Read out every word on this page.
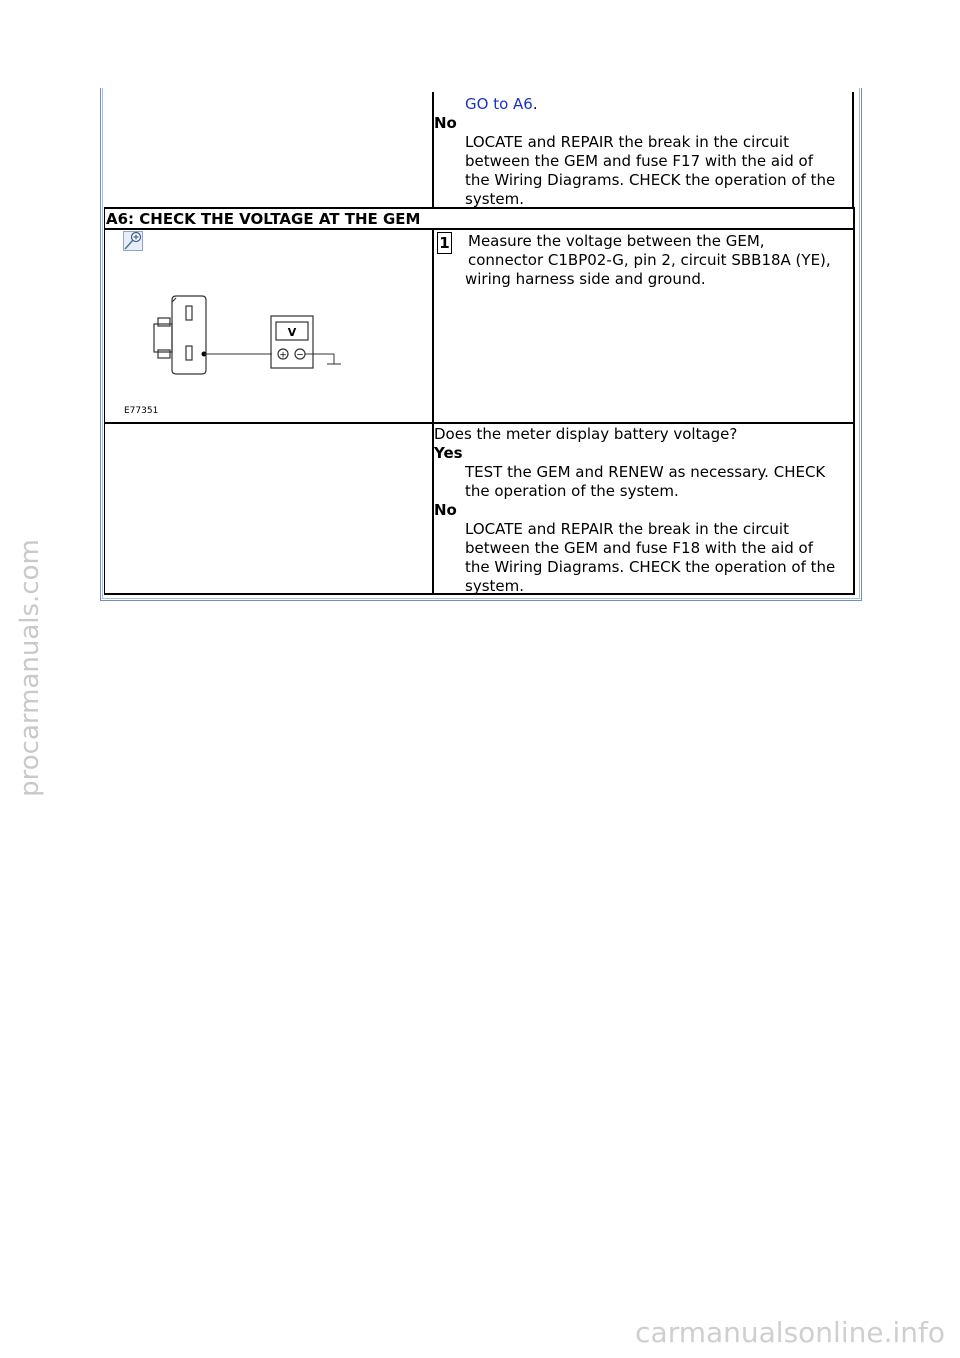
GO to A6.
No
LOCATE and REPAIR the break in the circuit
between the GEM and fuse F17 with the aid of
the Wiring Diagrams. CHECK the operation of the
system.
A6: CHECK THE VOLTAGE AT THE GEM
V
+ −
E77351
1 Measure the voltage between the GEM,
connector C1BP02-G, pin 2, circuit SBB18A (YE),
wiring harness side and ground.
Does the meter display battery voltage?
Yes
TEST the GEM and RENEW as necessary. CHECK
the operation of the system.
No
LOCATE and REPAIR the break in the circuit
between the GEM and fuse F18 with the aid of
the Wiring Diagrams. CHECK the operation of the
system.
procarmanuals.com
carmanualsonline.info
